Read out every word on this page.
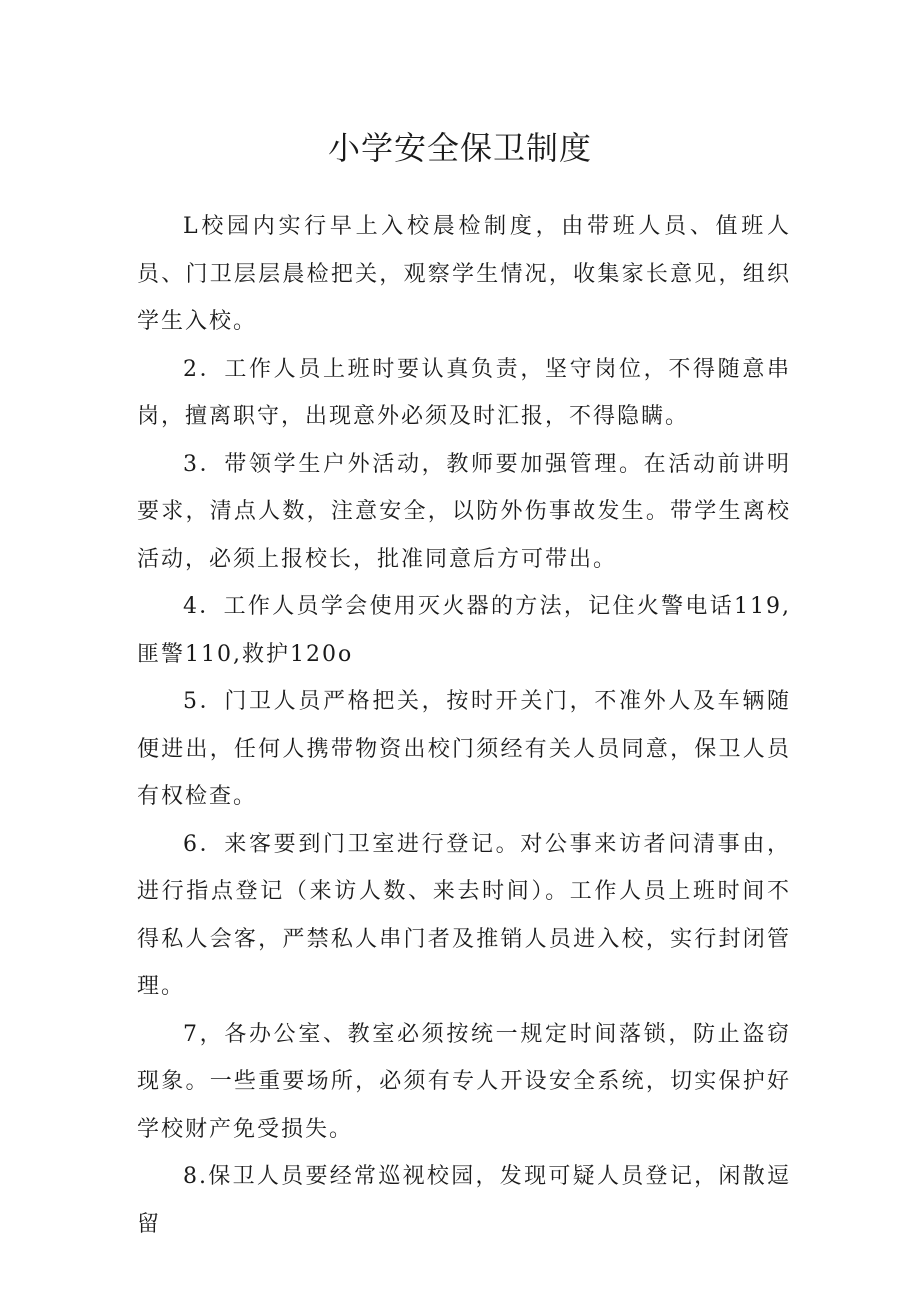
小学安全保卫制度

L校园内实行早上入校晨检制度，由带班人员、值班人员、门卫层层晨检把关，观察学生情况，收集家长意见，组织学生入校。

2．工作人员上班时要认真负责，坚守岗位，不得随意串岗，擅离职守，出现意外必须及时汇报，不得隐瞒。

3．带领学生户外活动，教师要加强管理。在活动前讲明要求，清点人数，注意安全，以防外伤事故发生。带学生离校活动，必须上报校长，批准同意后方可带出。

4．工作人员学会使用灭火器的方法，记住火警电话119,匪警110,救护120o

5．门卫人员严格把关，按时开关门，不准外人及车辆随便进出，任何人携带物资出校门须经有关人员同意，保卫人员有权检查。

6．来客要到门卫室进行登记。对公事来访者问清事由，进行指点登记（来访人数、来去时间）。工作人员上班时间不得私人会客，严禁私人串门者及推销人员进入校，实行封闭管理。

7，各办公室、教室必须按统一规定时间落锁，防止盗窃现象。一些重要场所，必须有专人开设安全系统，切实保护好学校财产免受损失。

8.保卫人员要经常巡视校园，发现可疑人员登记，闲散逗留
